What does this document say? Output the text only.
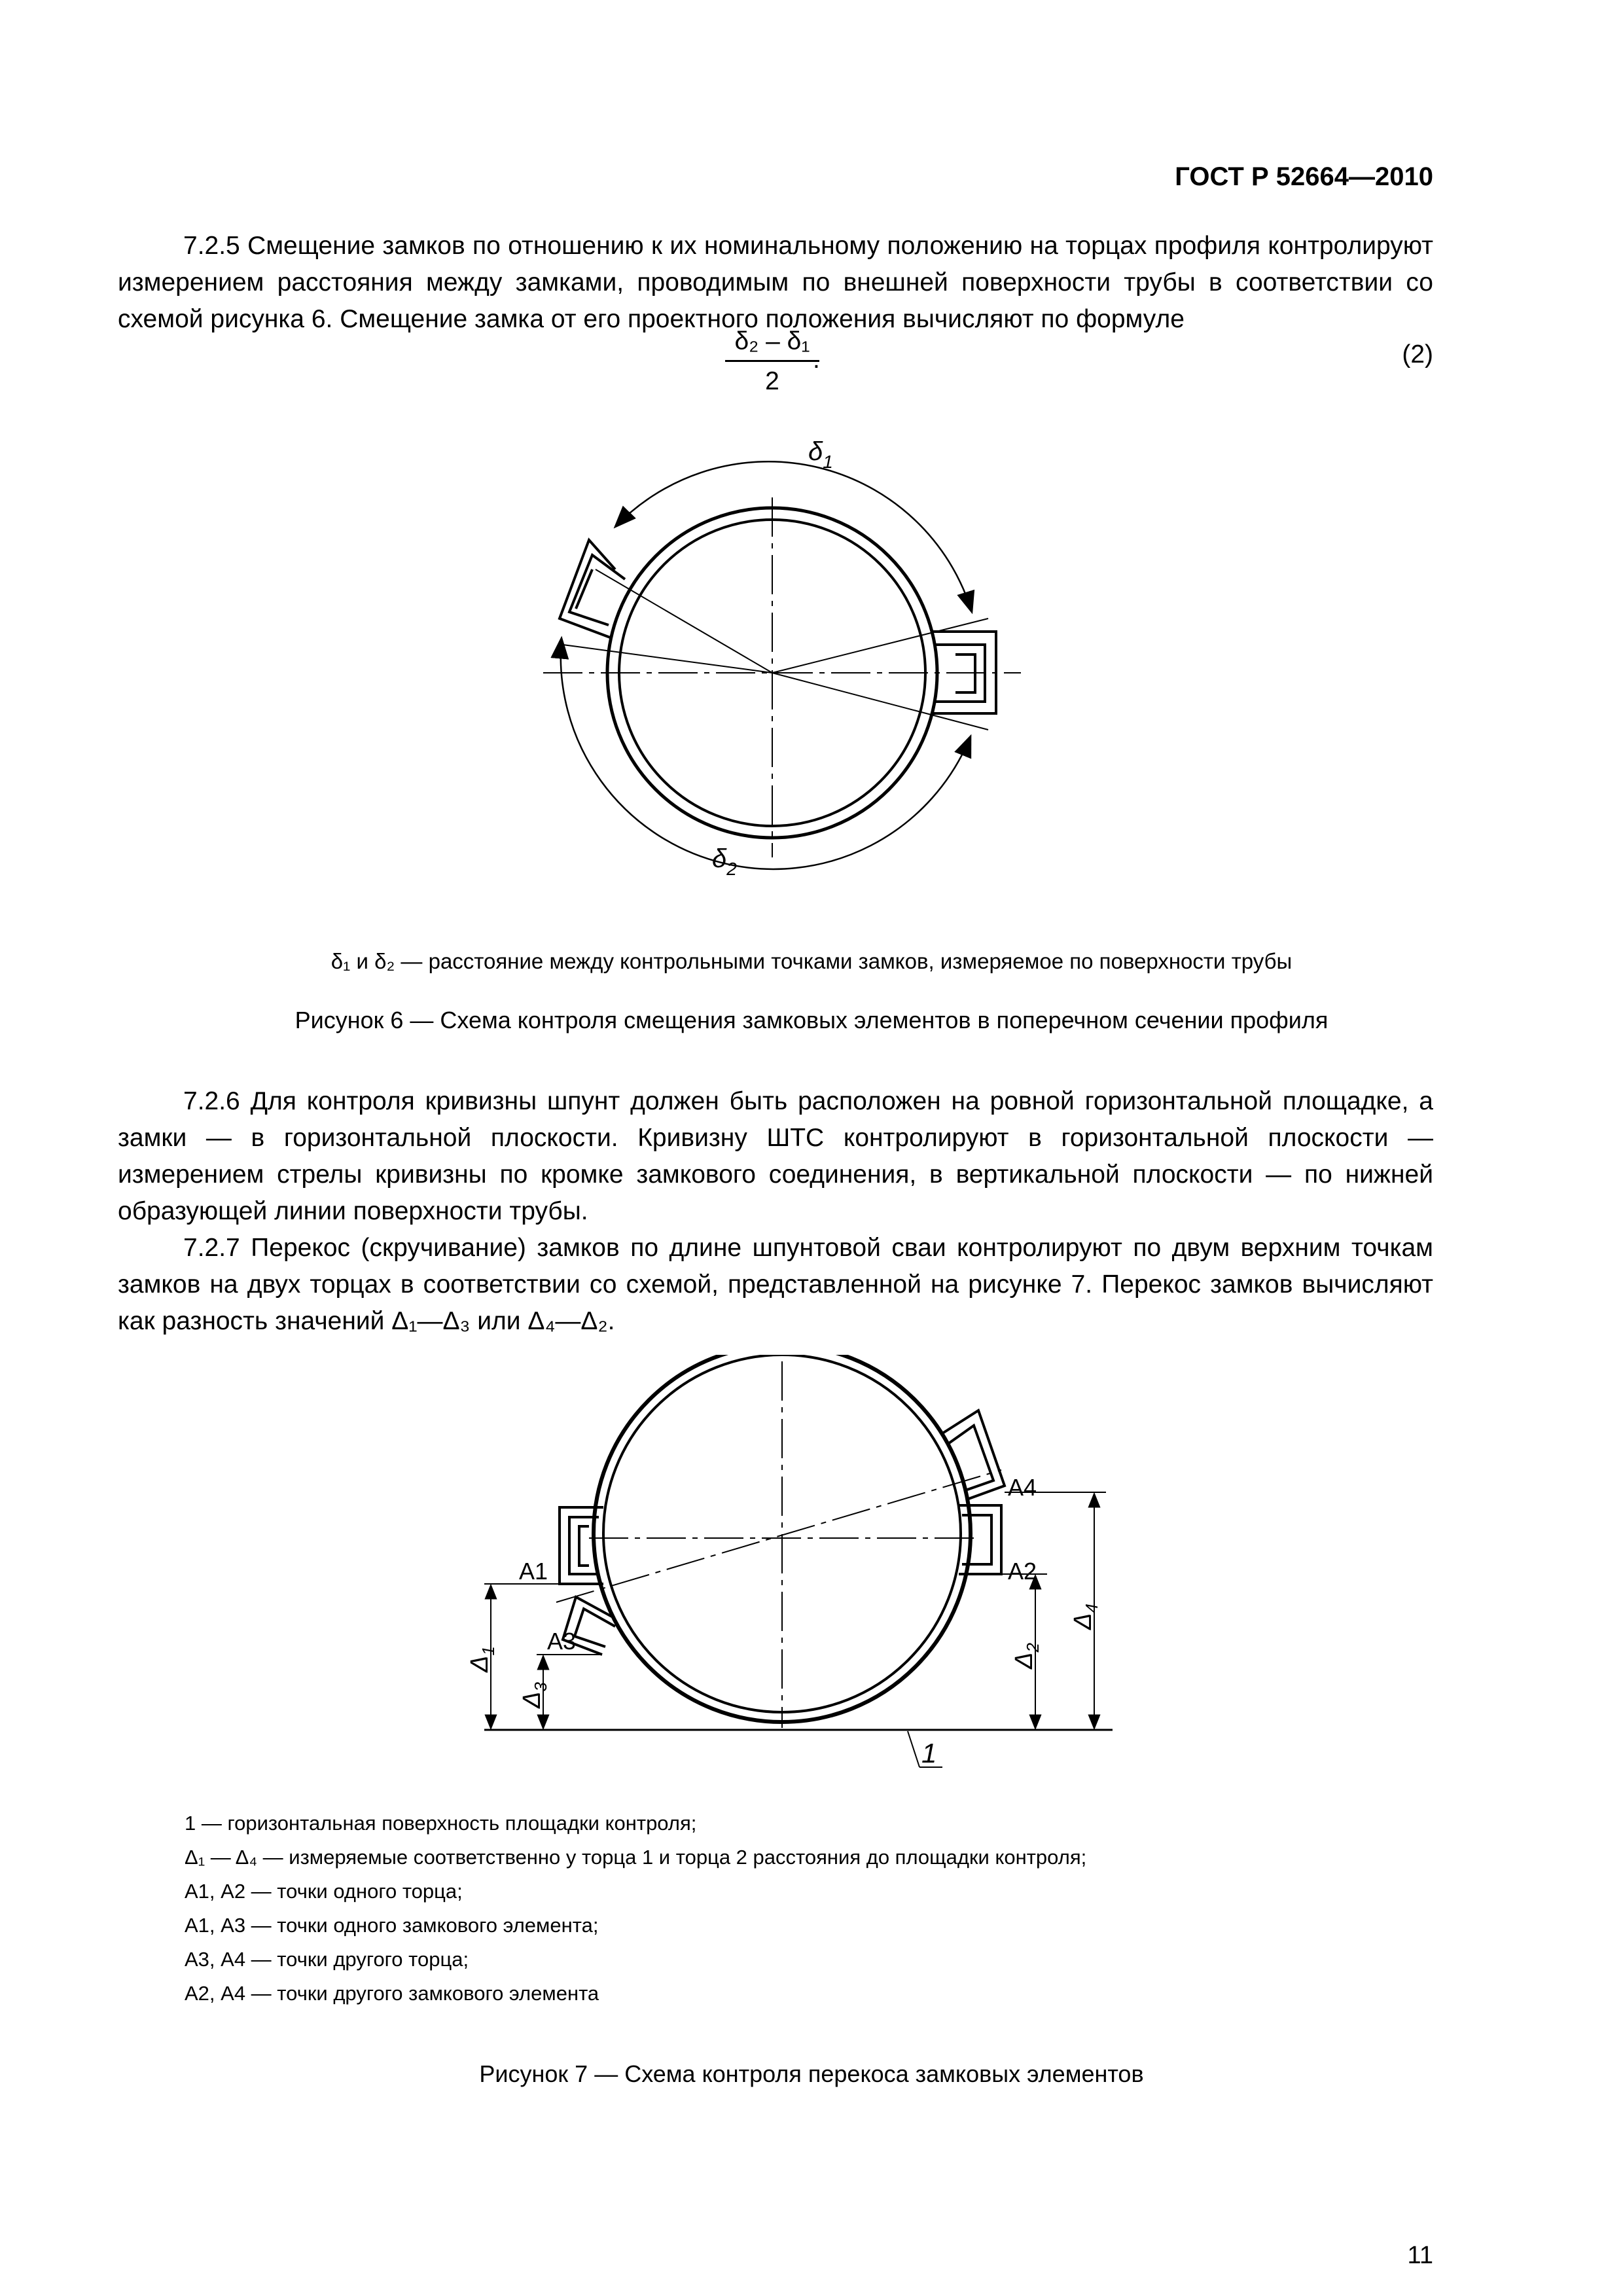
ГОСТ Р 52664—2010

7.2.5 Смещение замков по отношению к их номинальному положению на торцах профиля контролируют измерением расстояния между замками, проводимым по внешней поверхности трубы в соответствии со схемой рисунка 6. Смещение замка от его проектного положения вычисляют по формуле

δ₂ – δ₁
.
2
(2)
$\delta_1$
$\delta_2$
δ₁ и δ₂ — расстояние между контрольными точками замков, измеряемое по поверхности трубы
Рисунок 6 — Схема контроля смещения замковых элементов в поперечном сечении профиля

7.2.6 Для контроля кривизны шпунт должен быть расположен на ровной горизонтальной площадке, а замки — в горизонтальной плоскости. Кривизну ШТС контролируют в горизонтальной плоскости — измерением стрелы кривизны по кромке замкового соединения, в вертикальной плоскости — по нижней образующей линии поверхности трубы.

7.2.7 Перекос (скручивание) замков по длине шпунтовой сваи контролируют по двум верхним точкам замков на двух торцах в соответствии со схемой, представленной на рисунке 7. Перекос замков вычисляют как разность значений Δ₁—Δ₃ или Δ₄—Δ₂.

A1	A2
A3
A4
$\Delta_1$
$\Delta_3$
$\Delta_2$
$\Delta_4$
1
1 — горизонтальная поверхность площадки контроля;
Δ₁ — Δ₄ — измеряемые соответственно у торца 1 и торца 2 расстояния до площадки контроля;
А1, А2 — точки одного торца;
А1, А3 — точки одного замкового элемента;
А3, А4 — точки другого торца;
А2, А4 — точки другого замкового элемента
Рисунок 7 — Схема контроля перекоса замковых элементов
11
